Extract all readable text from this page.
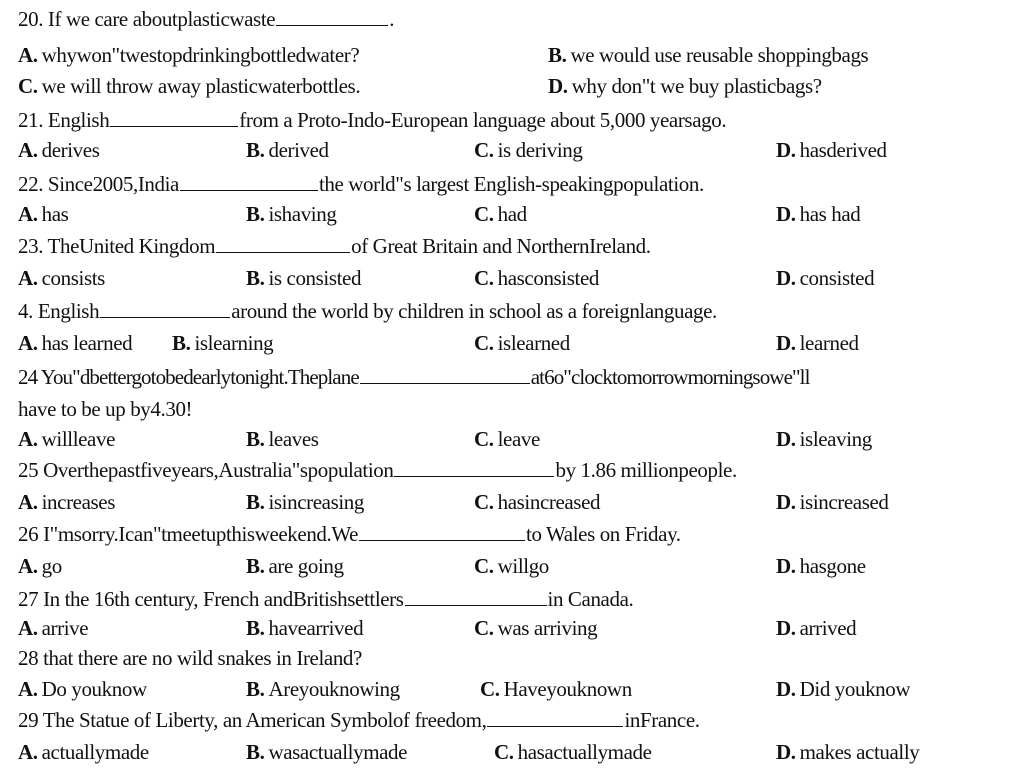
20. If we care aboutplasticwaste	.
A. whywon"twestopdrinkingbottledwater?	B. we would use reusable shoppingbags
C. we will throw away plasticwaterbottles.	D. why don"t we buy plasticbags?
21. English	from a Proto-Indo-European language about 5,000 yearsago.
A. derives	B. derived	C. is deriving	D. hasderived
22. Since2005,India	the world"s largest English-speakingpopulation.
A. has	B. ishaving	C. had	D. has had
23. TheUnited Kingdom	of Great Britain and NorthernIreland.
A. consists	B. is consisted	C. hasconsisted	D. consisted
4. English	around the world by children in school as a foreignlanguage.
A. has learned B. islearning	C. islearned	D. learned
24 You"dbettergotobedearlytonight.Theplane	at6o"clocktomorrowmorningsowe"ll
have to be up by4.30!
A. willleave	B. leaves	C. leave	D. isleaving
25 Overthepastfiveyears,Australia"spopulation	by 1.86 millionpeople.
A. increases	B. isincreasing	C. hasincreased	D. isincreased
26 I"msorry.Ican"tmeetupthisweekend.We	to Wales on Friday.
A. go	B. are going	C. willgo	D. hasgone
27 In the 16th century, French andBritishsettlers	in Canada.
A. arrive	B. havearrived	C. was arriving	D. arrived
28 that there are no wild snakes in Ireland?
A. Do youknow	B. Areyouknowing	C. Haveyouknown	D. Did youknow
29 The Statue of Liberty, an American Symbolof freedom,	inFrance.
A. actuallymade	B. wasactuallymade	C. hasactuallymade	D. makes actually
